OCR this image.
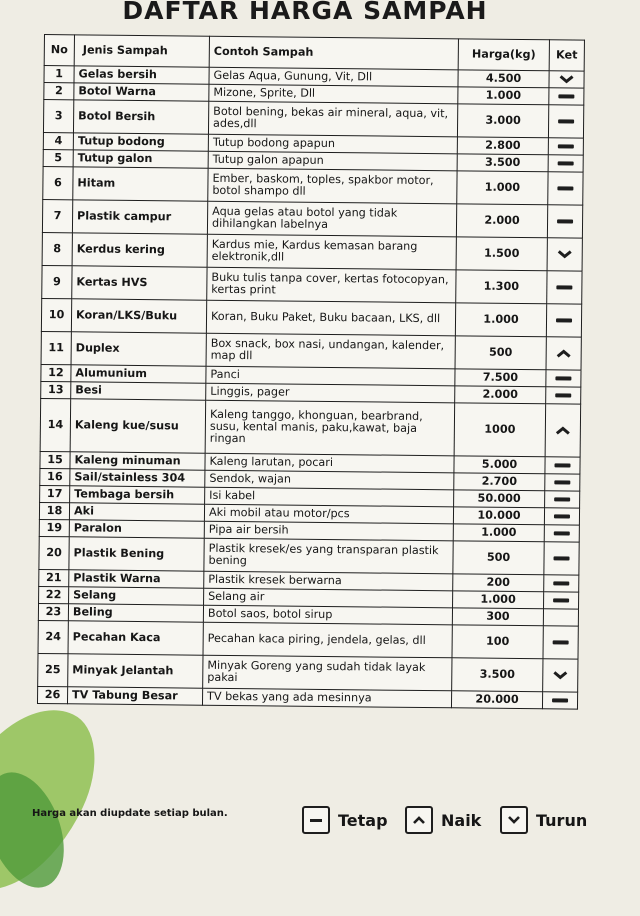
DAFTAR HARGA SAMPAH
No	Jenis Sampah	Contoh Sampah	Harga(kg)	Ket
1	Gelas bersih	Gelas Aqua, Gunung, Vit, Dll	4.500	

2	Botol Warna	Mizone, Sprite, Dll	1.000	
3	Botol Bersih	Botol bening, bekas air mineral, aqua, vit, ades,dll	3.000	
4	Tutup bodong	Tutup bodong apapun	2.800	
5	Tutup galon	Tutup galon apapun	3.500	
6	Hitam	Ember, baskom, toples, spakbor motor, botol shampo dll	1.000	
7	Plastik campur	Aqua gelas atau botol yang tidak dihilangkan labelnya	2.000	
8	Kerdus kering	Kardus mie, Kardus kemasan barang elektronik,dll	1.500	

9	Kertas HVS	Buku tulis tanpa cover, kertas fotocopyan, kertas print	1.300	
10	Koran/LKS/Buku	Koran, Buku Paket, Buku bacaan, LKS, dll	1.000	
11	Duplex	Box snack, box nasi, undangan, kalender, map dll	500	

12	Alumunium	Panci	7.500	
13	Besi	Linggis, pager	2.000	
14	Kaleng kue/susu	Kaleng tanggo, khonguan, bearbrand, susu, kental manis, paku,kawat, baja ringan	1000	

15	Kaleng minuman	Kaleng larutan, pocari	5.000	
16	Sail/stainless 304	Sendok, wajan	2.700	
17	Tembaga bersih	Isi kabel	50.000	
18	Aki	Aki mobil atau motor/pcs	10.000	
19	Paralon	Pipa air bersih	1.000	
20	Plastik Bening	Plastik kresek/es yang transparan plastik bening	500	
21	Plastik Warna	Plastik kresek berwarna	200	
22	Selang	Selang air	1.000	
23	Beling	Botol saos, botol sirup	300	
24	Pecahan Kaca	Pecahan kaca piring, jendela, gelas, dll	100	
25	Minyak Jelantah	Minyak Goreng yang sudah tidak layak pakai	3.500	

26	TV Tabung Besar	TV bekas yang ada mesinnya	20.000	
Harga akan diupdate setiap bulan.	Tetap	Naik	Turun
